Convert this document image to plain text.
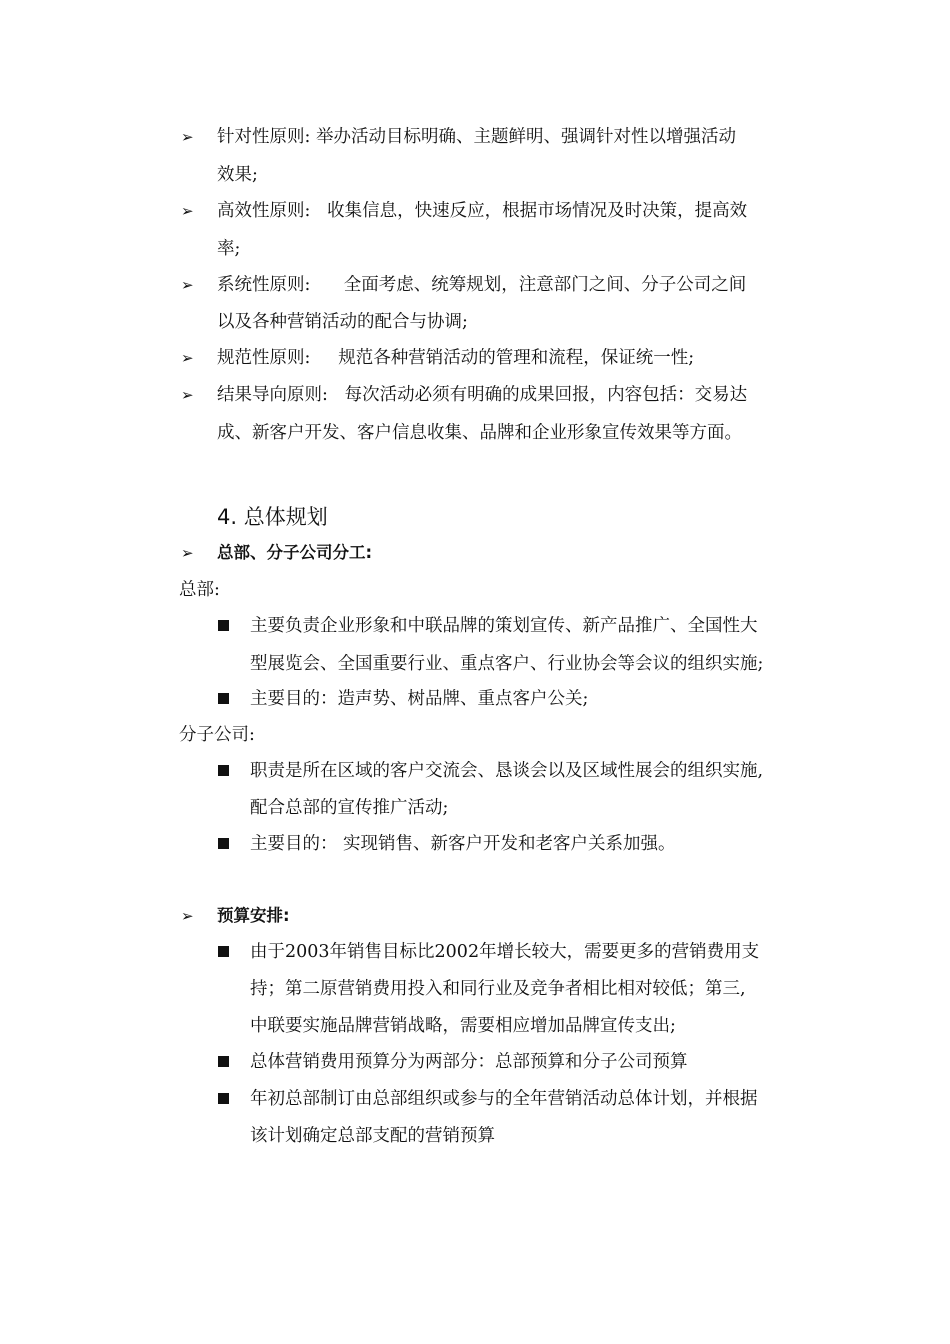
➢ 针对性原则: 举办活动目标明确、主题鲜明、强调针对性以增强活动
效果;
➢ 高效性原则: 收集信息，快速反应，根据市场情况及时决策，提高效
率;
➢ 系统性原则: 全面考虑、统筹规划，注意部门之间、分子公司之间
以及各种营销活动的配合与协调;
➢ 规范性原则: 规范各种营销活动的管理和流程，保证统一性;
➢ 结果导向原则: 每次活动必须有明确的成果回报，内容包括：交易达
成、新客户开发、客户信息收集、品牌和企业形象宣传效果等方面。
4. 总体规划
➢ 总部、分子公司分工:
总部:
主要负责企业形象和中联品牌的策划宣传、新产品推广、全国性大
型展览会、全国重要行业、重点客户、行业协会等会议的组织实施;
主要目的：造声势、树品牌、重点客户公关;
分子公司:
职责是所在区域的客户交流会、恳谈会以及区域性展会的组织实施,
配合总部的宣传推广活动;
主要目的： 实现销售、新客户开发和老客户关系加强。
➢ 预算安排:
由于2003年销售目标比2002年增长较大，需要更多的营销费用支
持；第二原营销费用投入和同行业及竞争者相比相对较低；第三,
中联要实施品牌营销战略，需要相应增加品牌宣传支出;
总体营销费用预算分为两部分：总部预算和分子公司预算
年初总部制订由总部组织或参与的全年营销活动总体计划，并根据
该计划确定总部支配的营销预算
